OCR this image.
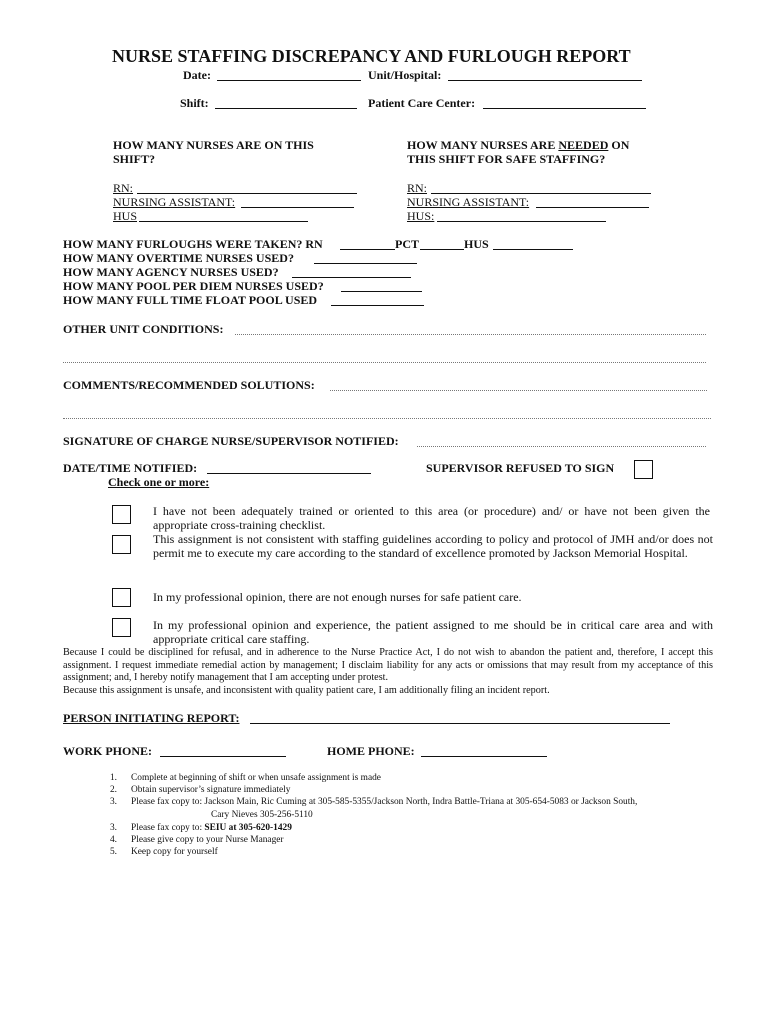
NURSE STAFFING DISCREPANCY AND FURLOUGH REPORT
Date:	Unit/Hospital:
Shift:	Patient Care Center:
HOW MANY NURSES ARE ON THIS
SHIFT?
RN:
NURSING ASSISTANT:
HUS
HOW MANY NURSES ARE NEEDED ON
THIS SHIFT FOR SAFE STAFFING?
RN:
NURSING ASSISTANT:
HUS:
HOW MANY FURLOUGHS WERE TAKEN? RN	PCT	HUS
HOW MANY OVERTIME NURSES USED?
HOW MANY AGENCY NURSES USED?
HOW MANY POOL PER DIEM NURSES USED?
HOW MANY FULL TIME FLOAT POOL USED
OTHER UNIT CONDITIONS:
COMMENTS/RECOMMENDED SOLUTIONS:
SIGNATURE OF CHARGE NURSE/SUPERVISOR NOTIFIED:
DATE/TIME NOTIFIED:	SUPERVISOR REFUSED TO SIGN
Check one or more:
I have not been adequately trained or oriented to this area (or procedure) and/ or have not been given the appropriate cross-training checklist.
This assignment is not consistent with staffing guidelines according to policy and protocol of JMH and/or does not permit me to execute my care according to the standard of excellence promoted by Jackson Memorial Hospital.
In my professional opinion, there are not enough nurses for safe patient care.
In my professional opinion and experience, the patient assigned to me should be in critical care area and with appropriate critical care staffing.
Because I could be disciplined for refusal, and in adherence to the Nurse Practice Act, I do not wish to abandon the patient and, therefore, I accept this assignment. I request immediate remedial action by management; I disclaim liability for any acts or omissions that may result from my acceptance of this assignment; and, I hereby notify management that I am accepting under protest.
Because this assignment is unsafe, and inconsistent with quality patient care, I am additionally filing an incident report.
PERSON INITIATING REPORT:
WORK PHONE:	HOME PHONE:
1. Complete at beginning of shift or when unsafe assignment is made
2. Obtain supervisor’s signature immediately
3. Please fax copy to: Jackson Main, Ric Cuming at 305-585-5355/Jackson North, Indra Battle-Triana at 305-654-5083 or Jackson South,
Cary Nieves 305-256-5110
3. Please fax copy to: SEIU at 305-620-1429
4. Please give copy to your Nurse Manager
5. Keep copy for yourself
